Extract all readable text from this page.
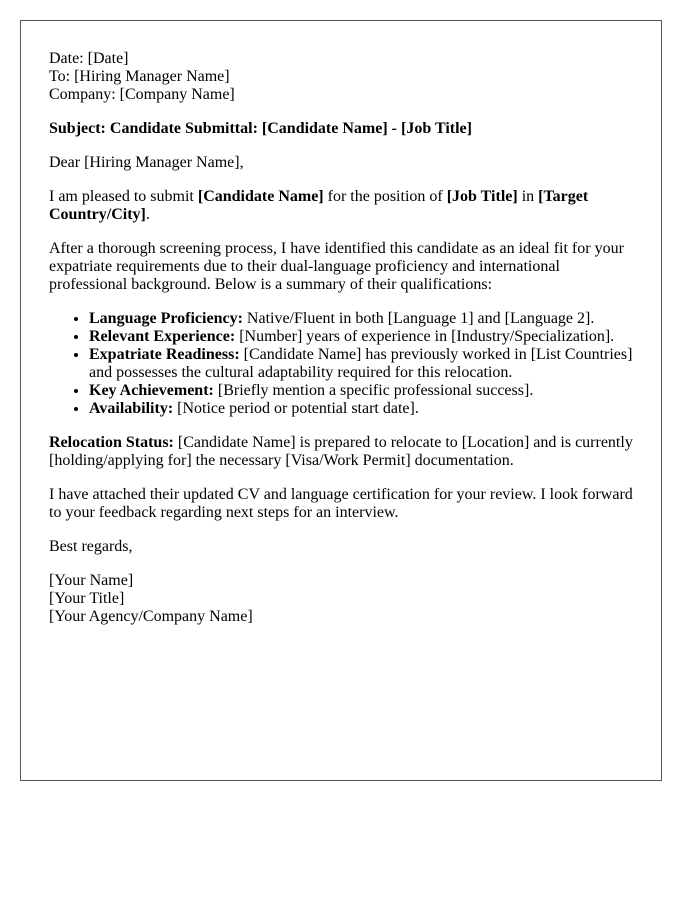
Date: [Date]
To: [Hiring Manager Name]
Company: [Company Name]

Subject: Candidate Submittal: [Candidate Name] - [Job Title]

Dear [Hiring Manager Name],

I am pleased to submit [Candidate Name] for the position of [Job Title] in [Target Country/City].

After a thorough screening process, I have identified this candidate as an ideal fit for your expatriate requirements due to their dual-language proficiency and international professional background. Below is a summary of their qualifications:

• Language Proficiency: Native/Fluent in both [Language 1] and [Language 2].
• Relevant Experience: [Number] years of experience in [Industry/Specialization].
• Expatriate Readiness: [Candidate Name] has previously worked in [List Countries] and possesses the cultural adaptability required for this relocation.
• Key Achievement: [Briefly mention a specific professional success].
• Availability: [Notice period or potential start date].

Relocation Status: [Candidate Name] is prepared to relocate to [Location] and is currently [holding/applying for] the necessary [Visa/Work Permit] documentation.

I have attached their updated CV and language certification for your review. I look forward to your feedback regarding next steps for an interview.

Best regards,

[Your Name]
[Your Title]
[Your Agency/Company Name]
